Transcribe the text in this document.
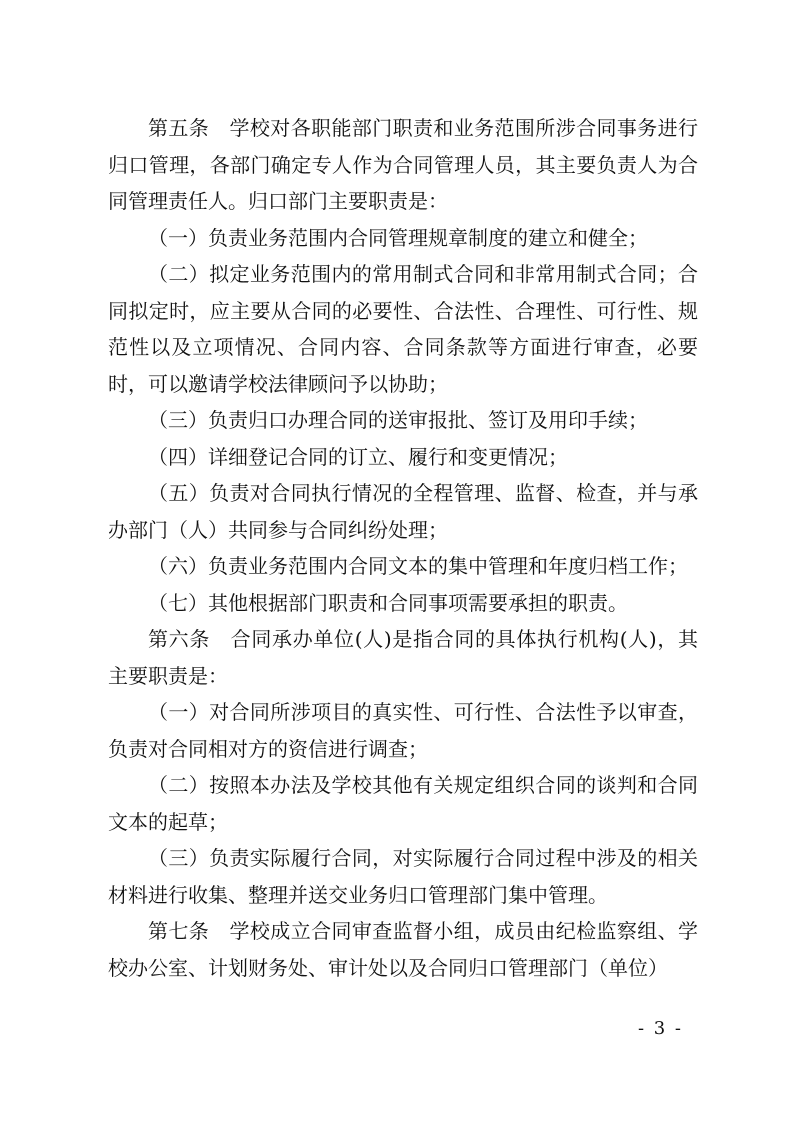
第五条　学校对各职能部门职责和业务范围所涉合同事务进行归口管理，各部门确定专人作为合同管理人员，其主要负责人为合同管理责任人。归口部门主要职责是：

（一）负责业务范围内合同管理规章制度的建立和健全；

（二）拟定业务范围内的常用制式合同和非常用制式合同；合同拟定时，应主要从合同的必要性、合法性、合理性、可行性、规范性以及立项情况、合同内容、合同条款等方面进行审查，必要时，可以邀请学校法律顾问予以协助；

（三）负责归口办理合同的送审报批、签订及用印手续；

（四）详细登记合同的订立、履行和变更情况；

（五）负责对合同执行情况的全程管理、监督、检查，并与承办部门（人）共同参与合同纠纷处理；

（六）负责业务范围内合同文本的集中管理和年度归档工作；

（七）其他根据部门职责和合同事项需要承担的职责。

第六条　合同承办单位(人)是指合同的具体执行机构(人)，其主要职责是：

（一）对合同所涉项目的真实性、可行性、合法性予以审查，负责对合同相对方的资信进行调查；

（二）按照本办法及学校其他有关规定组织合同的谈判和合同文本的起草；

（三）负责实际履行合同，对实际履行合同过程中涉及的相关材料进行收集、整理并送交业务归口管理部门集中管理。

第七条　学校成立合同审查监督小组，成员由纪检监察组、学校办公室、计划财务处、审计处以及合同归口管理部门（单位）

- 3 -
